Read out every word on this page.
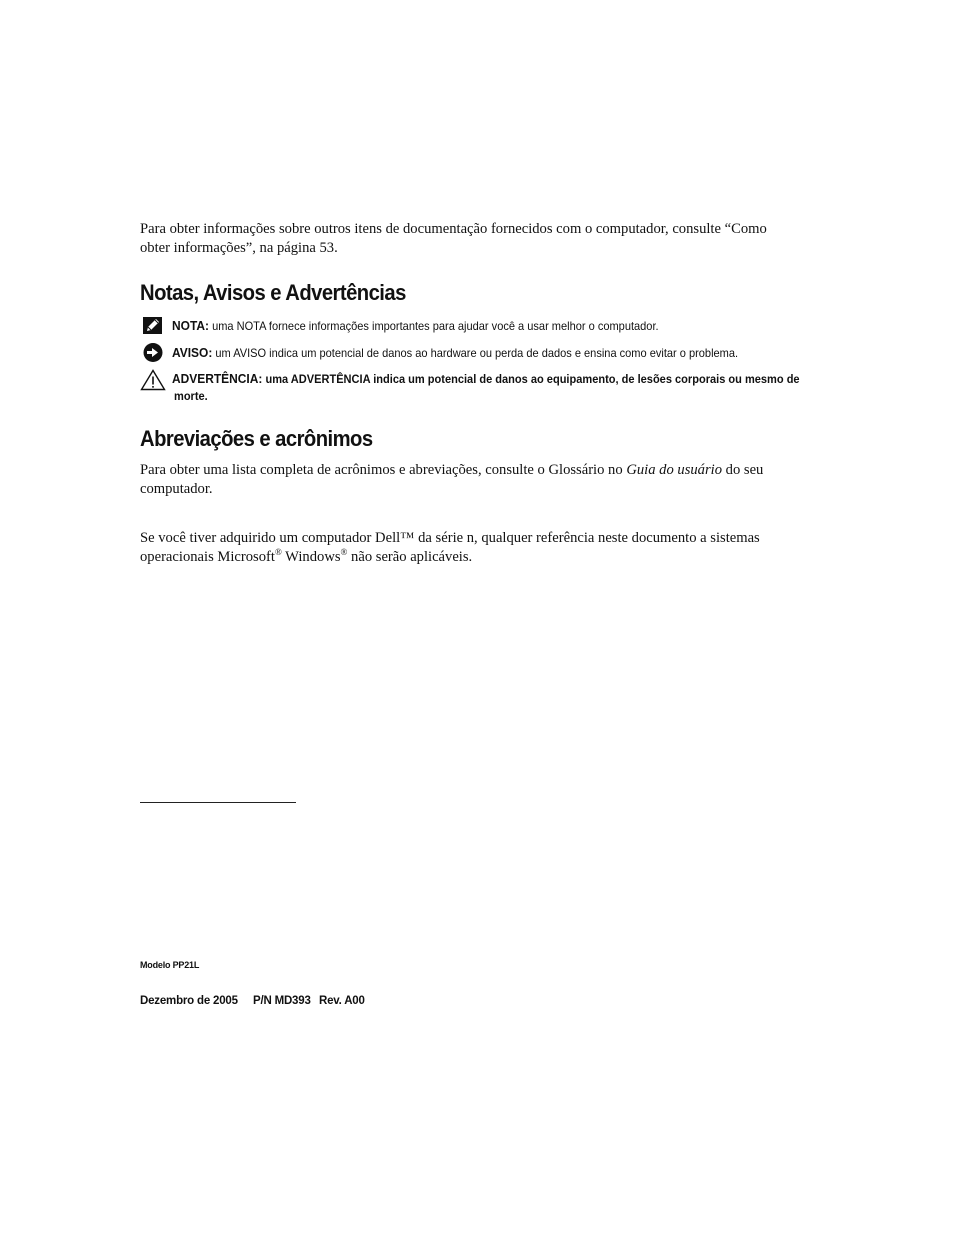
Para obter informações sobre outros itens de documentação fornecidos com o computador, consulte “Como
obter informações”, na página 53.
Notas, Avisos e Advertências
NOTA: uma NOTA fornece informações importantes para ajudar você a usar melhor o computador.
AVISO: um AVISO indica um potencial de danos ao hardware ou perda de dados e ensina como evitar o problema.
ADVERTÊNCIA: uma ADVERTÊNCIA indica um potencial de danos ao equipamento, de lesões corporais ou mesmo de
morte.
Abreviações e acrônimos
Para obter uma lista completa de acrônimos e abreviações, consulte o Glossário no Guia do usuário do seu
computador.
Se você tiver adquirido um computador Dell™ da série n, qualquer referência neste documento a sistemas
operacionais Microsoft® Windows® não serão aplicáveis.
Modelo PP21L
Dezembro de 2005 P/N MD393 Rev. A00
